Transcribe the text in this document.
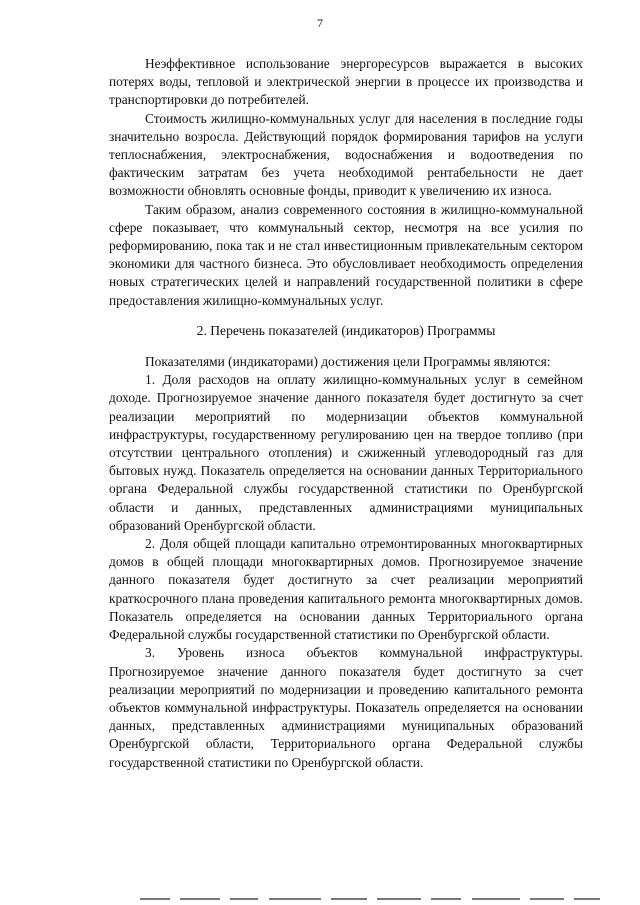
7

Неэффективное использование энергоресурсов выражается в высоких потерях воды, тепловой и электрической энергии в процессе их производства и транспортировки до потребителей.

Стоимость жилищно-коммунальных услуг для населения в последние годы значительно возросла. Действующий порядок формирования тарифов на услуги теплоснабжения, электроснабжения, водоснабжения и водоотведения по фактическим затратам без учета необходимой рентабельности не дает возможности обновлять основные фонды, приводит к увеличению их износа.

Таким образом, анализ современного состояния в жилищно-коммунальной сфере показывает, что коммунальный сектор, несмотря на все усилия по реформированию, пока так и не стал инвестиционным привлекательным сектором экономики для частного бизнеса. Это обусловливает необходимость определения новых стратегических целей и направлений государственной политики в сфере предоставления жилищно-коммунальных услуг.

2. Перечень показателей (индикаторов) Программы

Показателями (индикаторами) достижения цели Программы являются:

1. Доля расходов на оплату жилищно-коммунальных услуг в семейном доходе. Прогнозируемое значение данного показателя будет достигнуто за счет реализации мероприятий по модернизации объектов коммунальной инфраструктуры, государственному регулированию цен на твердое топливо (при отсутствии центрального отопления) и сжиженный углеводородный газ для бытовых нужд. Показатель определяется на основании данных Территориального органа Федеральной службы государственной статистики по Оренбургской области и данных, представленных администрациями муниципальных образований Оренбургской области.

2. Доля общей площади капитально отремонтированных многоквартирных домов в общей площади многоквартирных домов. Прогнозируемое значение данного показателя будет достигнуто за счет реализации мероприятий краткосрочного плана проведения капитального ремонта многоквартирных домов. Показатель определяется на основании данных Территориального органа Федеральной службы государственной статистики по Оренбургской области.

3. Уровень износа объектов коммунальной инфраструктуры. Прогнозируемое значение данного показателя будет достигнуто за счет реализации мероприятий по модернизации и проведению капитального ремонта объектов коммунальной инфраструктуры. Показатель определяется на основании данных, представленных администрациями муниципальных образований Оренбургской области, Территориального органа Федеральной службы государственной статистики по Оренбургской области.
